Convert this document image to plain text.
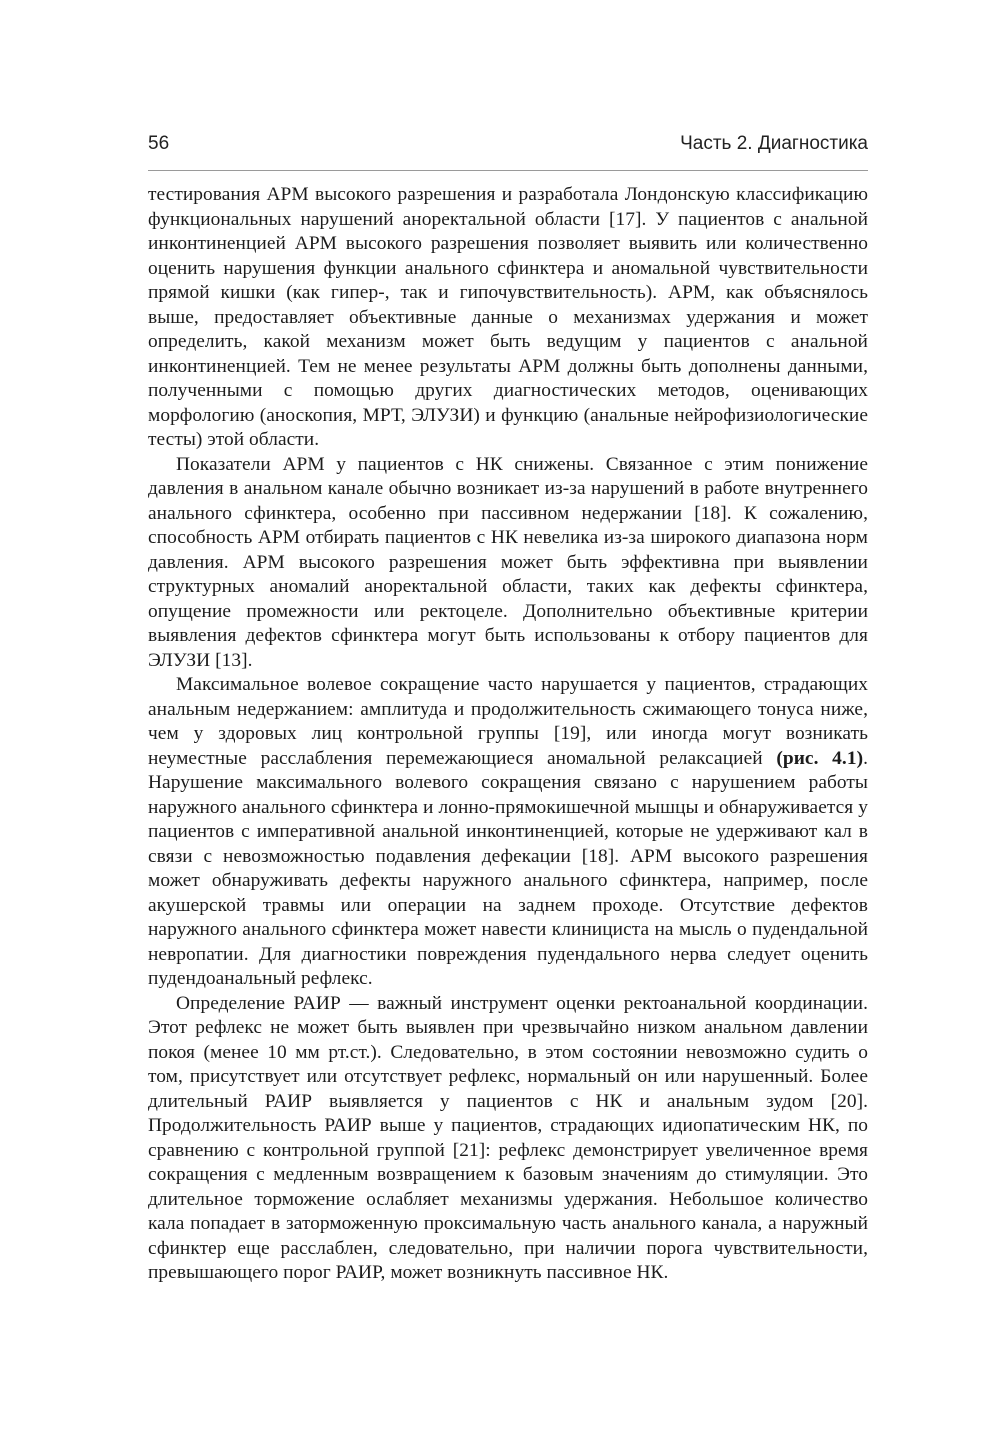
56	Часть 2. Диагностика

тестирования АРМ высокого разрешения и разработала Лондонскую классификацию функциональных нарушений аноректальной области [17]. У пациентов с анальной инконтиненцией АРМ высокого разрешения позволяет выявить или количественно оценить нарушения функции анального сфинктера и аномальной чувствительности прямой кишки (как гипер-, так и гипочувствительность). АРМ, как объяснялось выше, предоставляет объективные данные о механизмах удержания и может определить, какой механизм может быть ведущим у пациентов с анальной инконтиненцией. Тем не менее результаты АРМ должны быть дополнены данными, полученными с помощью других диагностических методов, оценивающих морфологию (аноскопия, МРТ, ЭЛУЗИ) и функцию (анальные нейрофизиологические тесты) этой области.

Показатели АРМ у пациентов с НК снижены. Связанное с этим понижение давления в анальном канале обычно возникает из-за нарушений в работе внутреннего анального сфинктера, особенно при пассивном недержании [18]. К сожалению, способность АРМ отбирать пациентов с НК невелика из-за широкого диапазона норм давления. АРМ высокого разрешения может быть эффективна при выявлении структурных аномалий аноректальной области, таких как дефекты сфинктера, опущение промежности или ректоцеле. Дополнительно объективные критерии выявления дефектов сфинктера могут быть использованы к отбору пациентов для ЭЛУЗИ [13].

Максимальное волевое сокращение часто нарушается у пациентов, страдающих анальным недержанием: амплитуда и продолжительность сжимающего тонуса ниже, чем у здоровых лиц контрольной группы [19], или иногда могут возникать неуместные расслабления перемежающиеся аномальной релаксацией (рис. 4.1). Нарушение максимального волевого сокращения связано с нарушением работы наружного анального сфинктера и лонно-прямокишечной мышцы и обнаруживается у пациентов с императивной анальной инконтиненцией, которые не удерживают кал в связи с невозможностью подавления дефекации [18]. АРМ высокого разрешения может обнаруживать дефекты наружного анального сфинктера, например, после акушерской травмы или операции на заднем проходе. Отсутствие дефектов наружного анального сфинктера может навести клинициста на мысль о пудендальной невропатии. Для диагностики повреждения пудендального нерва следует оценить пудендоанальный рефлекс.

Определение РАИР — важный инструмент оценки ректоанальной координации. Этот рефлекс не может быть выявлен при чрезвычайно низком анальном давлении покоя (менее 10 мм рт.ст.). Следовательно, в этом состоянии невозможно судить о том, присутствует или отсутствует рефлекс, нормальный он или нарушенный. Более длительный РАИР выявляется у пациентов с НК и анальным зудом [20]. Продолжительность РАИР выше у пациентов, страдающих идиопатическим НК, по сравнению с контрольной группой [21]: рефлекс демонстрирует увеличенное время сокращения с медленным возвращением к базовым значениям до стимуляции. Это длительное торможение ослабляет механизмы удержания. Небольшое количество кала попадает в заторможенную проксимальную часть анального канала, а наружный сфинктер еще расслаблен, следовательно, при наличии порога чувствительности, превышающего порог РАИР, может возникнуть пассивное НК.
